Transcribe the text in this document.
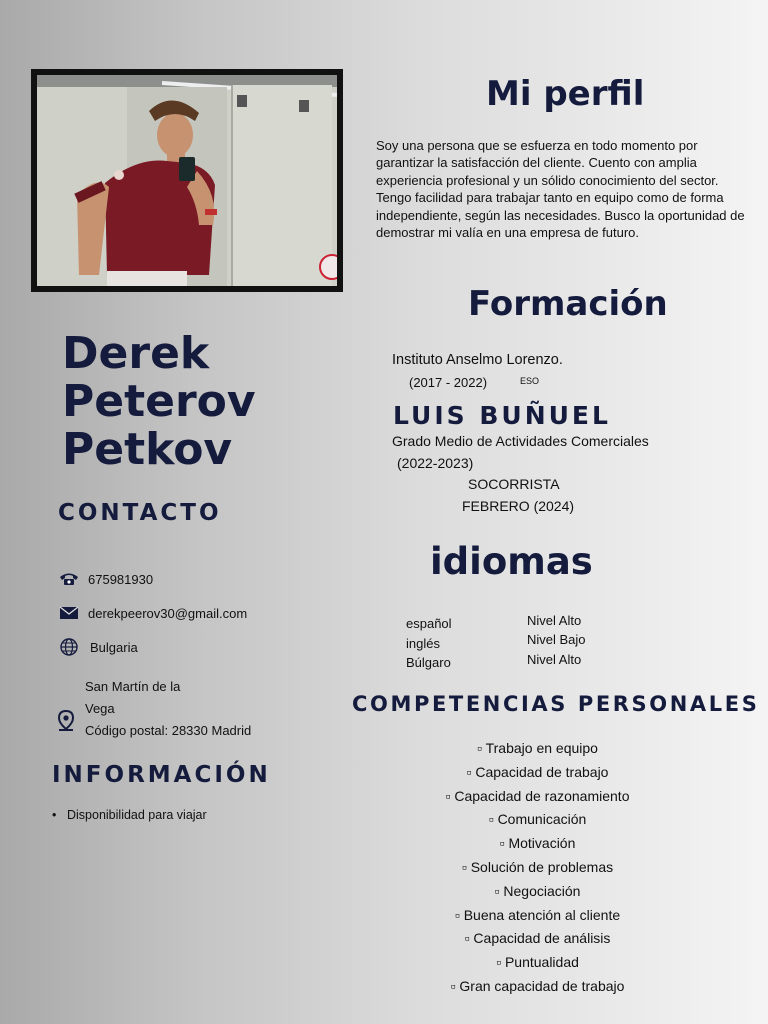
Derek
Peterov
Petkov
CONTACTO
675981930
derekpeerov30@gmail.com
Bulgaria
San Martín de la
Vega
Código postal: 28330 Madrid
INFORMACIÓN
• Disponibilidad para viajar
Mi perfil
Soy una persona que se esfuerza en todo momento por garantizar la satisfacción del cliente. Cuento con amplia experiencia profesional y un sólido conocimiento del sector.
Tengo facilidad para trabajar tanto en equipo como de forma independiente, según las necesidades. Busco la oportunidad de demostrar mi valía en una empresa de futuro.
Formación
Instituto Anselmo Lorenzo.
(2017 - 2022)	ESO
LUIS BUÑUEL
Grado Medio de Actividades Comerciales
(2022-2023)
SOCORRISTA
FEBRERO (2024)
idiomas
español
inglés
Búlgaro
Nivel Alto
Nivel Bajo
Nivel Alto
COMPETENCIAS PERSONALES
▫ Trabajo en equipo
▫ Capacidad de trabajo
▫ Capacidad de razonamiento
▫ Comunicación
▫ Motivación
▫ Solución de problemas
▫ Negociación
▫ Buena atención al cliente
▫ Capacidad de análisis
▫ Puntualidad
▫ Gran capacidad de trabajo
